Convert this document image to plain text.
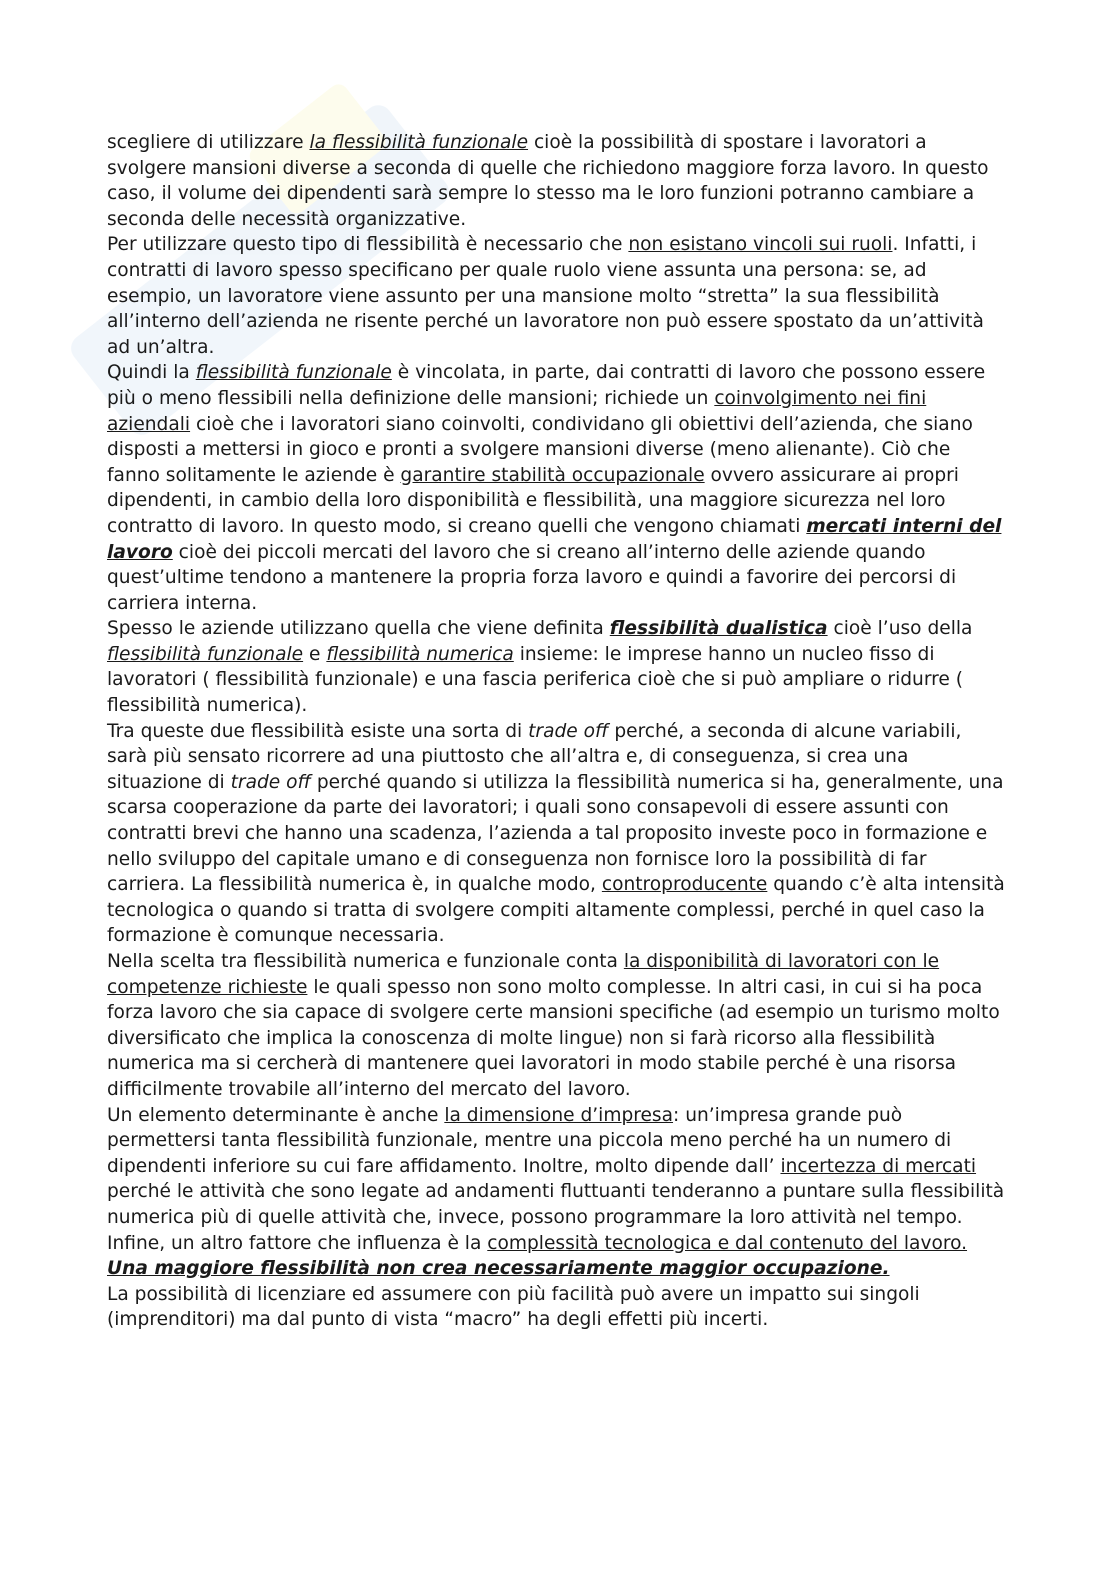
scegliere di utilizzare la flessibilità funzionale cioè la possibilità di spostare i lavoratori a svolgere mansioni diverse a seconda di quelle che richiedono maggiore forza lavoro. In questo caso, il volume dei dipendenti sarà sempre lo stesso ma le loro funzioni potranno cambiare a seconda delle necessità organizzative.

Per utilizzare questo tipo di flessibilità è necessario che non esistano vincoli sui ruoli. Infatti, i contratti di lavoro spesso specificano per quale ruolo viene assunta una persona: se, ad esempio, un lavoratore viene assunto per una mansione molto “stretta” la sua flessibilità all’interno dell’azienda ne risente perché un lavoratore non può essere spostato da un’attività ad un’altra.

Quindi la flessibilità funzionale è vincolata, in parte, dai contratti di lavoro che possono essere più o meno flessibili nella definizione delle mansioni; richiede un coinvolgimento nei fini aziendali cioè che i lavoratori siano coinvolti, condividano gli obiettivi dell’azienda, che siano disposti a mettersi in gioco e pronti a svolgere mansioni diverse (meno alienante). Ciò che fanno solitamente le aziende è garantire stabilità occupazionale ovvero assicurare ai propri dipendenti, in cambio della loro disponibilità e flessibilità, una maggiore sicurezza nel loro contratto di lavoro. In questo modo, si creano quelli che vengono chiamati mercati interni del lavoro cioè dei piccoli mercati del lavoro che si creano all’interno delle aziende quando quest’ultime tendono a mantenere la propria forza lavoro e quindi a favorire dei percorsi di carriera interna.

Spesso le aziende utilizzano quella che viene definita flessibilità dualistica cioè l’uso della flessibilità funzionale e flessibilità numerica insieme: le imprese hanno un nucleo fisso di lavoratori ( flessibilità funzionale) e una fascia periferica cioè che si può ampliare o ridurre ( flessibilità numerica).

Tra queste due flessibilità esiste una sorta di trade off perché, a seconda di alcune variabili, sarà più sensato ricorrere ad una piuttosto che all’altra e, di conseguenza, si crea una situazione di trade off perché quando si utilizza la flessibilità numerica si ha, generalmente, una scarsa cooperazione da parte dei lavoratori; i quali sono consapevoli di essere assunti con contratti brevi che hanno una scadenza, l’azienda a tal proposito investe poco in formazione e nello sviluppo del capitale umano e di conseguenza non fornisce loro la possibilità di far carriera. La flessibilità numerica è, in qualche modo, controproducente quando c’è alta intensità tecnologica o quando si tratta di svolgere compiti altamente complessi, perché in quel caso la formazione è comunque necessaria.

Nella scelta tra flessibilità numerica e funzionale conta la disponibilità di lavoratori con le competenze richieste le quali spesso non sono molto complesse. In altri casi, in cui si ha poca forza lavoro che sia capace di svolgere certe mansioni specifiche (ad esempio un turismo molto diversificato che implica la conoscenza di molte lingue) non si farà ricorso alla flessibilità numerica ma si cercherà di mantenere quei lavoratori in modo stabile perché è una risorsa difficilmente trovabile all’interno del mercato del lavoro.

Un elemento determinante è anche la dimensione d’impresa: un’impresa grande può permettersi tanta flessibilità funzionale, mentre una piccola meno perché ha un numero di dipendenti inferiore su cui fare affidamento. Inoltre, molto dipende dall’ incertezza di mercati perché le attività che sono legate ad andamenti fluttuanti tenderanno a puntare sulla flessibilità numerica più di quelle attività che, invece, possono programmare la loro attività nel tempo. Infine, un altro fattore che influenza è la complessità tecnologica e dal contenuto del lavoro.

Una maggiore flessibilità non crea necessariamente maggior occupazione.

La possibilità di licenziare ed assumere con più facilità può avere un impatto sui singoli (imprenditori) ma dal punto di vista “macro” ha degli effetti più incerti.
